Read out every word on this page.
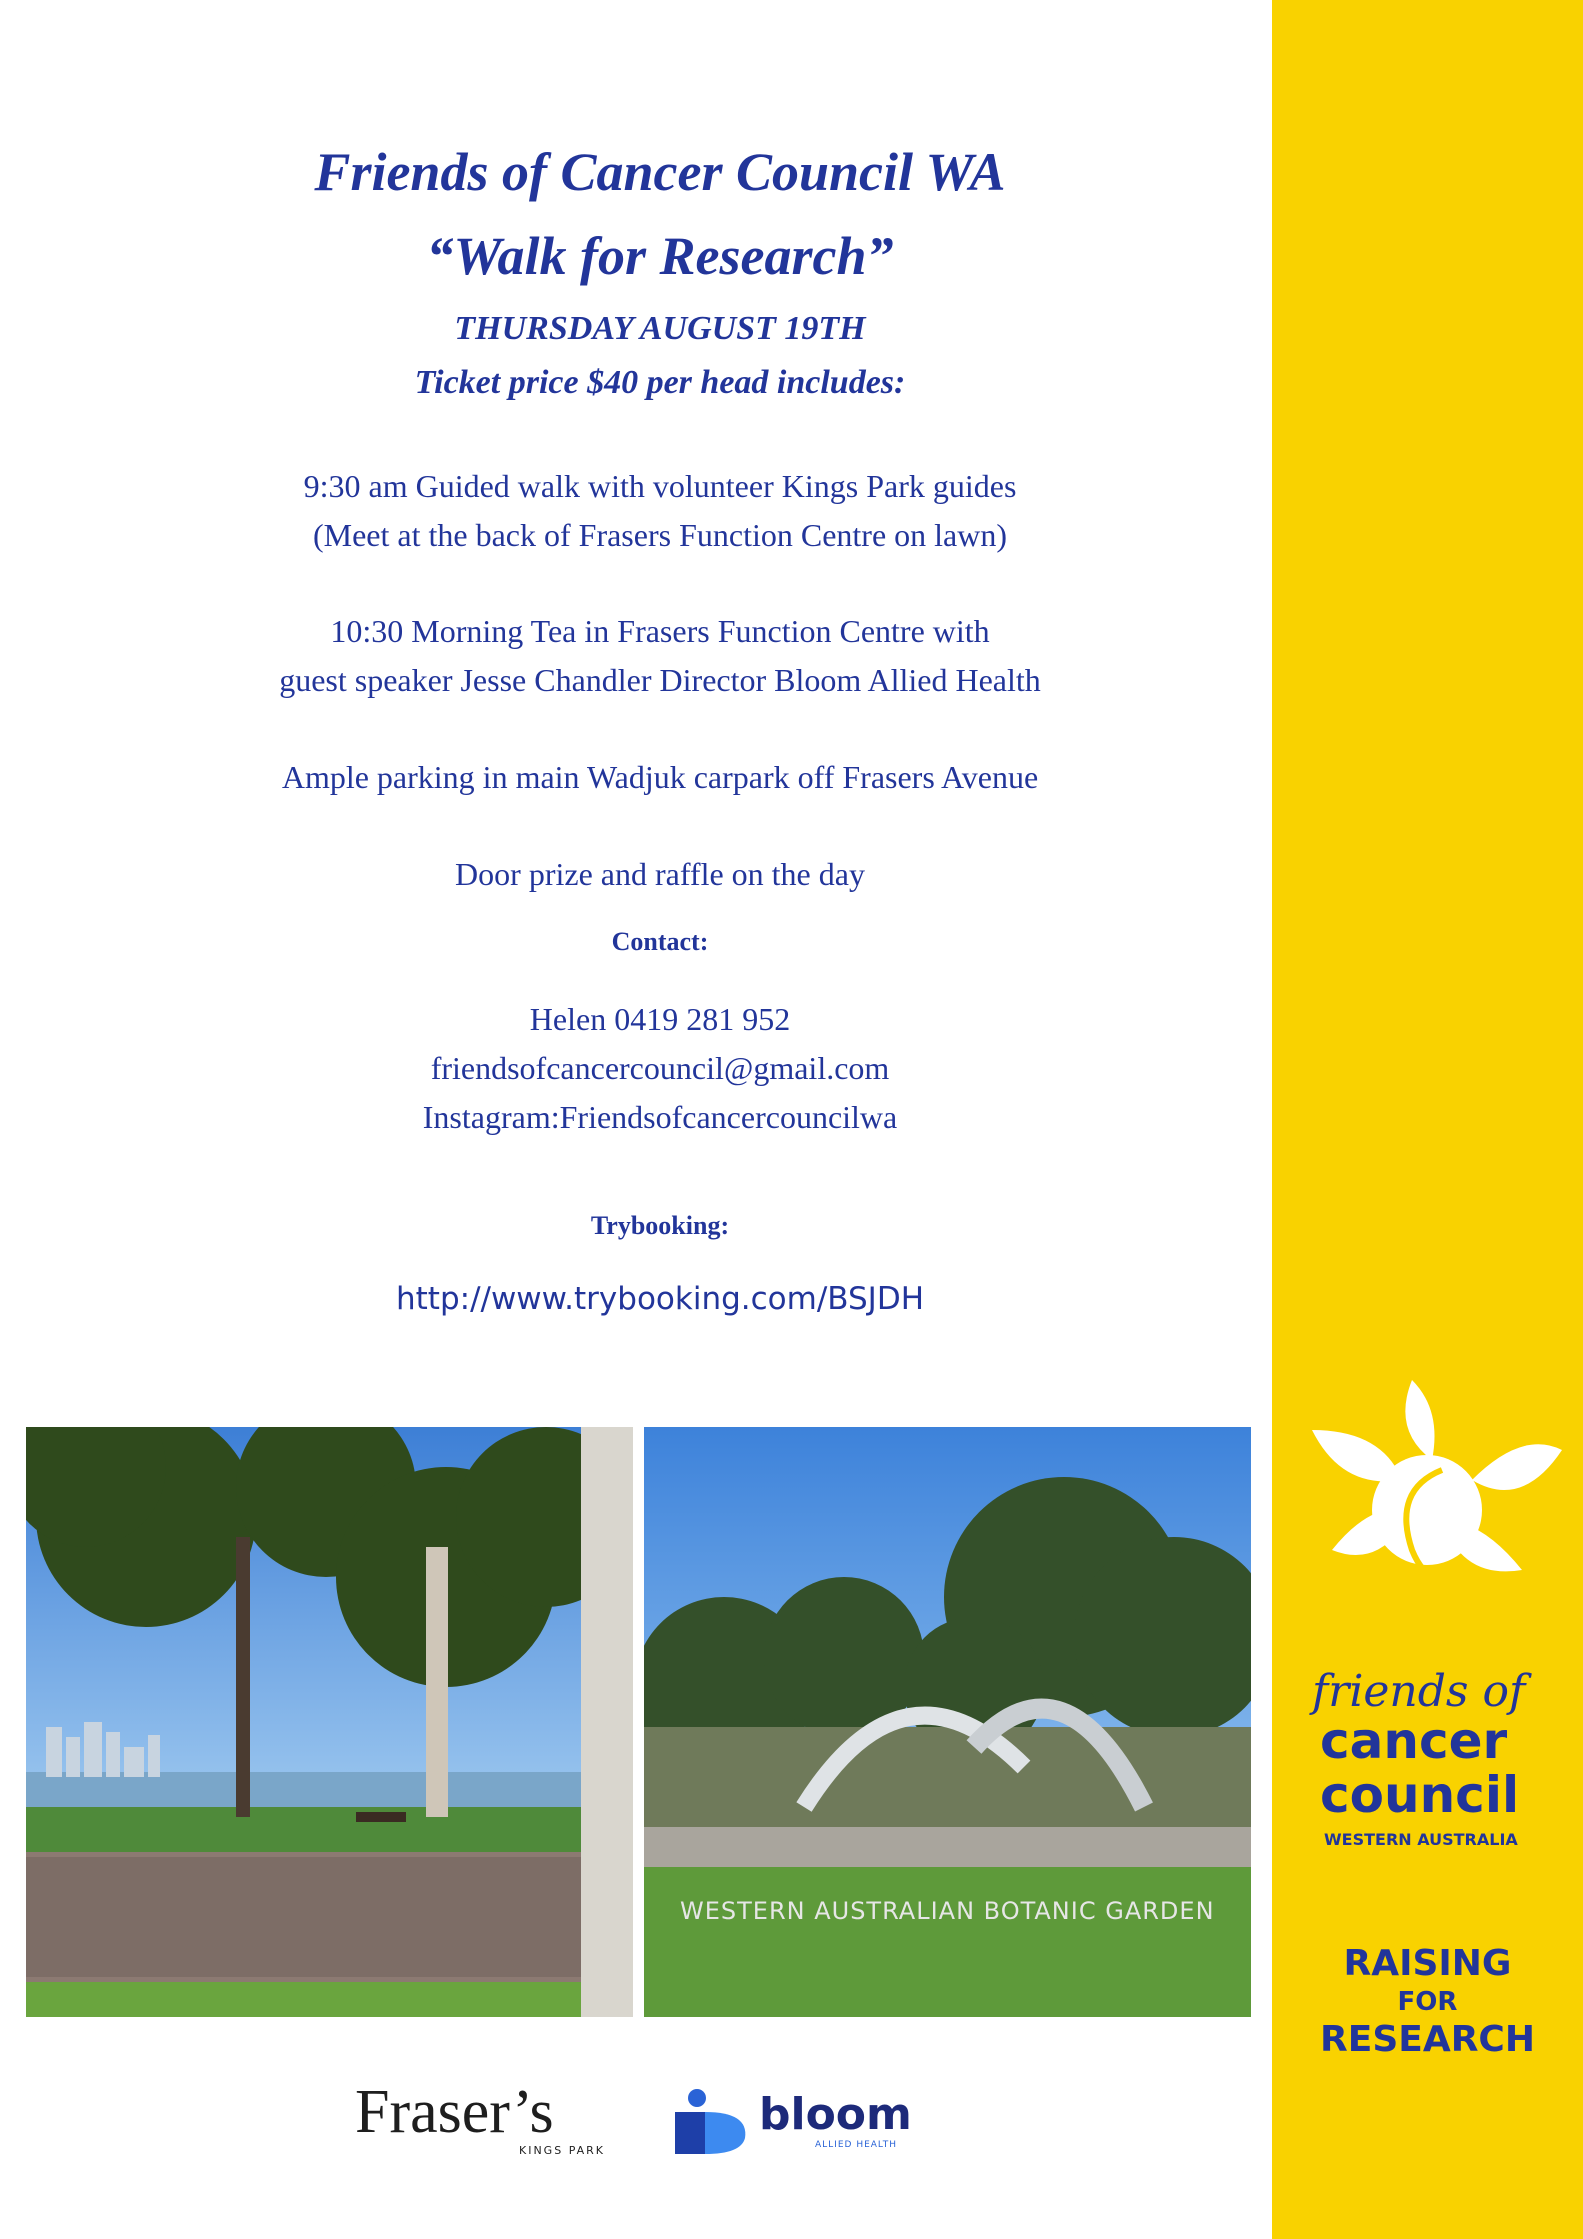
Friends of Cancer Council WA
“Walk for Research”
THURSDAY AUGUST 19TH
Ticket price $40 per head includes:
9:30 am Guided walk with volunteer Kings Park guides
(Meet at the back of Frasers Function Centre on lawn)
10:30 Morning Tea in Frasers Function Centre with
guest speaker Jesse Chandler Director Bloom Allied Health
Ample parking in main Wadjuk carpark off Frasers Avenue
Door prize and raffle on the day
Contact:
Helen 0419 281 952
friendsofcancercouncil@gmail.com
Instagram:Friendsofcancercouncilwa
Trybooking:
http://www.trybooking.com/BSJDH
WESTERN AUSTRALIAN BOTANIC GARDEN
Fraser’s
KINGS PARK
bloom
ALLIED HEALTH
friends of
cancer
council
WESTERN AUSTRALIA
RAISING
FOR
RESEARCH
